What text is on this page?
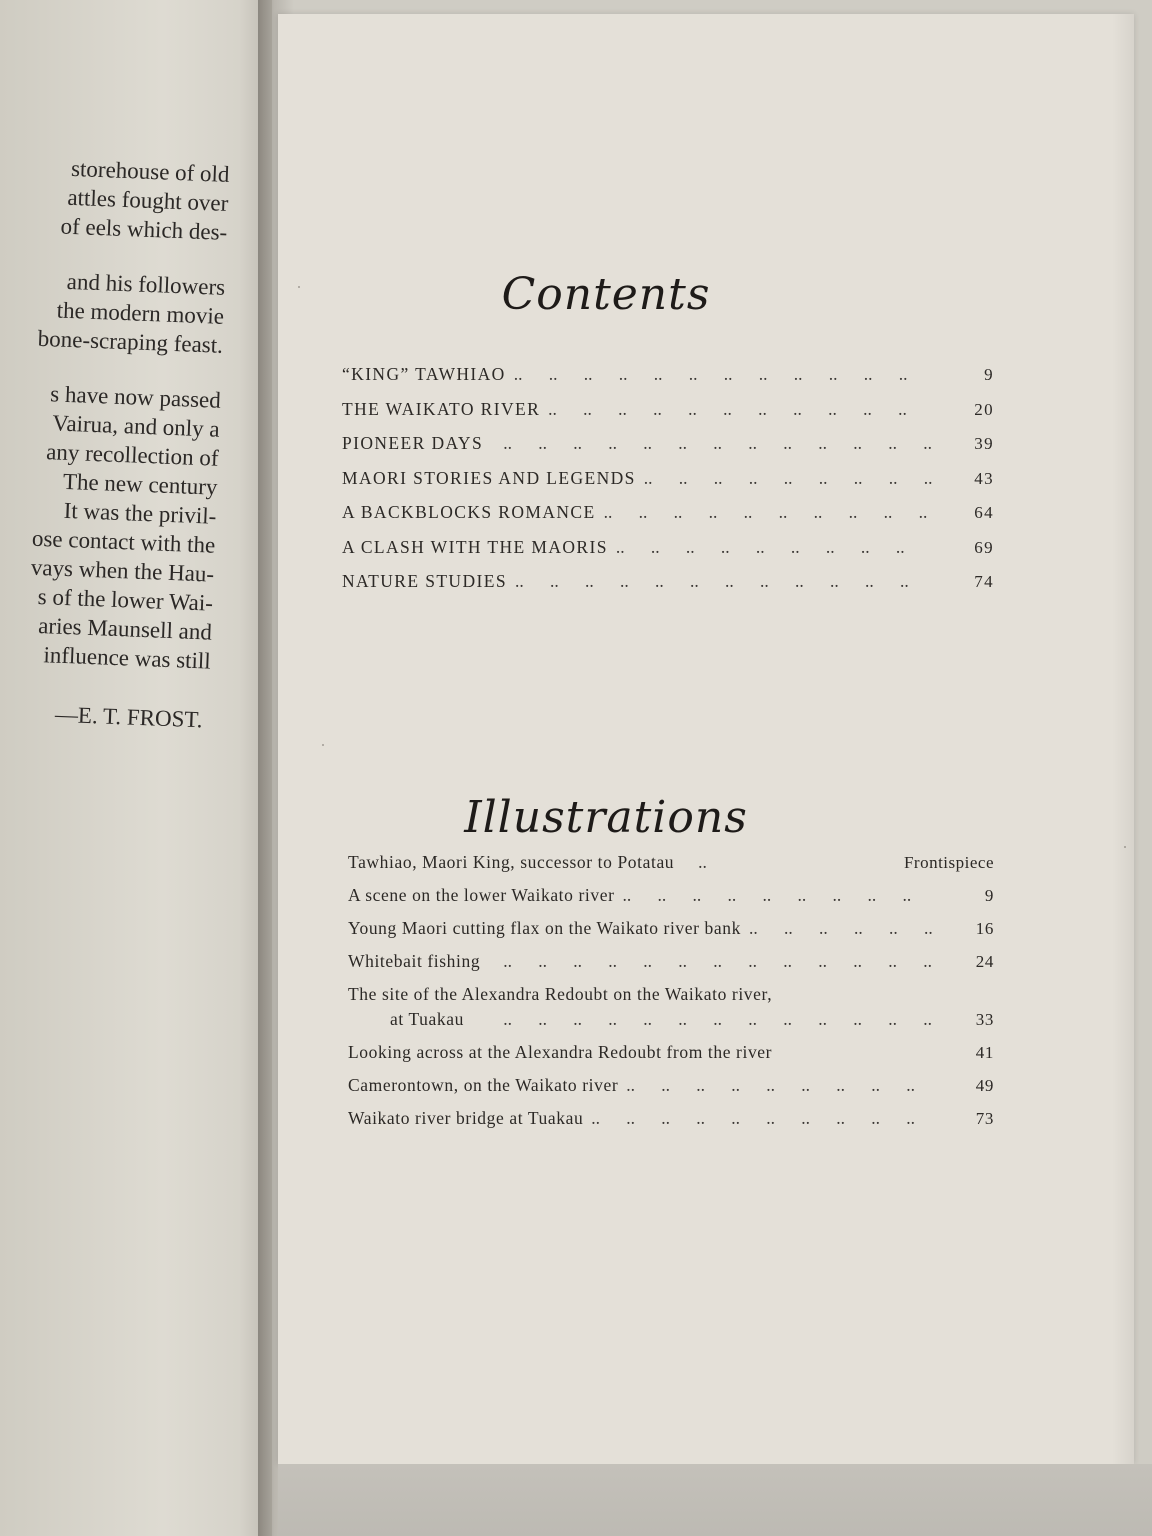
storehouse of old
attles fought over
of eels which des-
and his followers
the modern movie
bone-scraping feast.
s have now passed
Vairua, and only a
any recollection of
The new century
It was the privil-
ose contact with the
vays when the Hau-
s of the lower Wai-
aries Maunsell and
influence was still
—E. T. FROST.
Contents
“KING” TAWHIAO ..	9
THE WAIKATO RIVER ..	20
PIONEER DAYS ..	39
MAORI STORIES AND LEGENDS ..	43
A BACKBLOCKS ROMANCE ..	64
A CLASH WITH THE MAORIS ..	69
NATURE STUDIES ..	74
Illustrations
Tawhiao, Maori King, successor to Potatau ..	Frontispiece
A scene on the lower Waikato river ..	9
Young Maori cutting flax on the Waikato river bank ..	16
Whitebait fishing ..	24
The site of the Alexandra Redoubt on the Waikato river,
at Tuakau ..	33
Looking across at the Alexandra Redoubt from the river	41
Camerontown, on the Waikato river ..	49
Waikato river bridge at Tuakau ..	73
